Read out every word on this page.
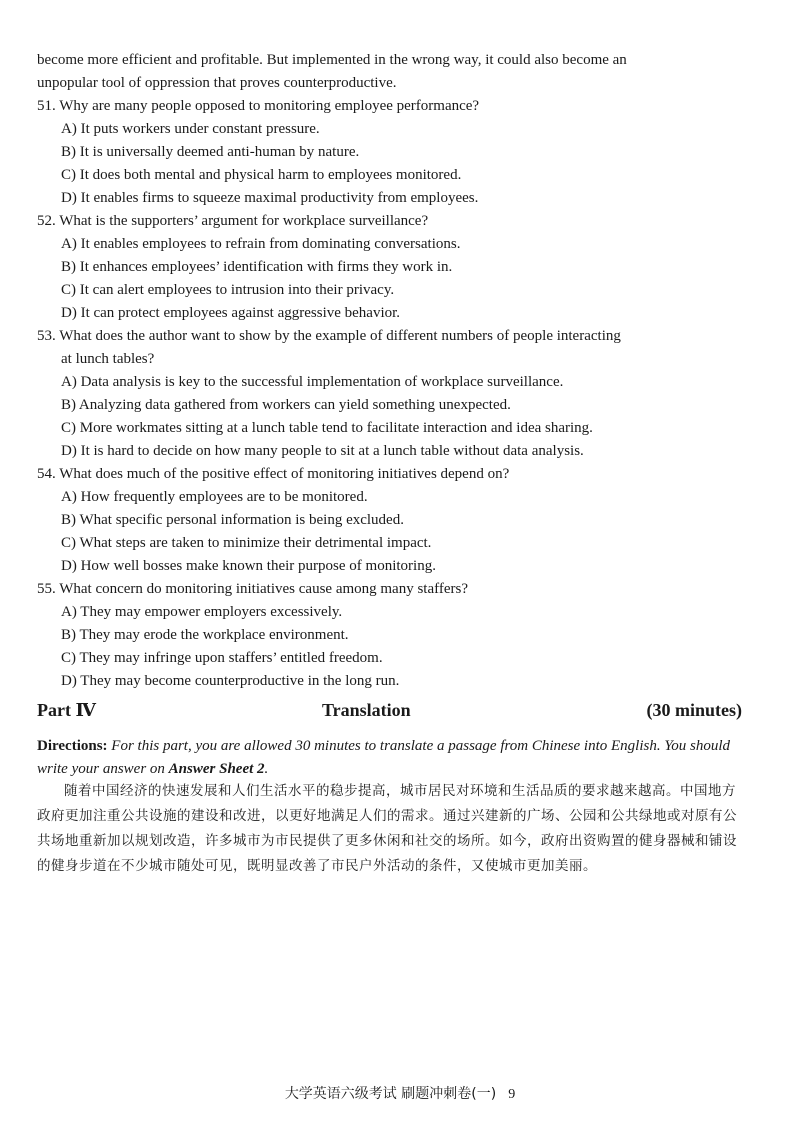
become more efficient and profitable. But implemented in the wrong way, it could also become an
unpopular tool of oppression that proves counterproductive.
51. Why are many people opposed to monitoring employee performance?
A) It puts workers under constant pressure.
B) It is universally deemed anti-human by nature.
C) It does both mental and physical harm to employees monitored.
D) It enables firms to squeeze maximal productivity from employees.
52. What is the supporters’ argument for workplace surveillance?
A) It enables employees to refrain from dominating conversations.
B) It enhances employees’ identification with firms they work in.
C) It can alert employees to intrusion into their privacy.
D) It can protect employees against aggressive behavior.
53. What does the author want to show by the example of different numbers of people interacting
at lunch tables?
A) Data analysis is key to the successful implementation of workplace surveillance.
B) Analyzing data gathered from workers can yield something unexpected.
C) More workmates sitting at a lunch table tend to facilitate interaction and idea sharing.
D) It is hard to decide on how many people to sit at a lunch table without data analysis.
54. What does much of the positive effect of monitoring initiatives depend on?
A) How frequently employees are to be monitored.
B) What specific personal information is being excluded.
C) What steps are taken to minimize their detrimental impact.
D) How well bosses make known their purpose of monitoring.
55. What concern do monitoring initiatives cause among many staffers?
A) They may empower employers excessively.
B) They may erode the workplace environment.
C) They may infringe upon staffers’ entitled freedom.
D) They may become counterproductive in the long run.
Part Ⅳ	Translation	(30 minutes)
Directions: For this part, you are allowed 30 minutes to translate a passage from Chinese into English. You should write your answer on Answer Sheet 2.
随着中国经济的快速发展和人们生活水平的稳步提高，城市居民对环境和生活品质的要求越来越高。中国地方政府更加注重公共设施的建设和改进，以更好地满足人们的需求。通过兴建新的广场、公园和公共绿地或对原有公共场地重新加以规划改造，许多城市为市民提供了更多休闲和社交的场所。如今，政府出资购置的健身器械和铺设的健身步道在不少城市随处可见，既明显改善了市民户外活动的条件，又使城市更加美丽。
大学英语六级考试 刷题冲刺卷(一) 9
